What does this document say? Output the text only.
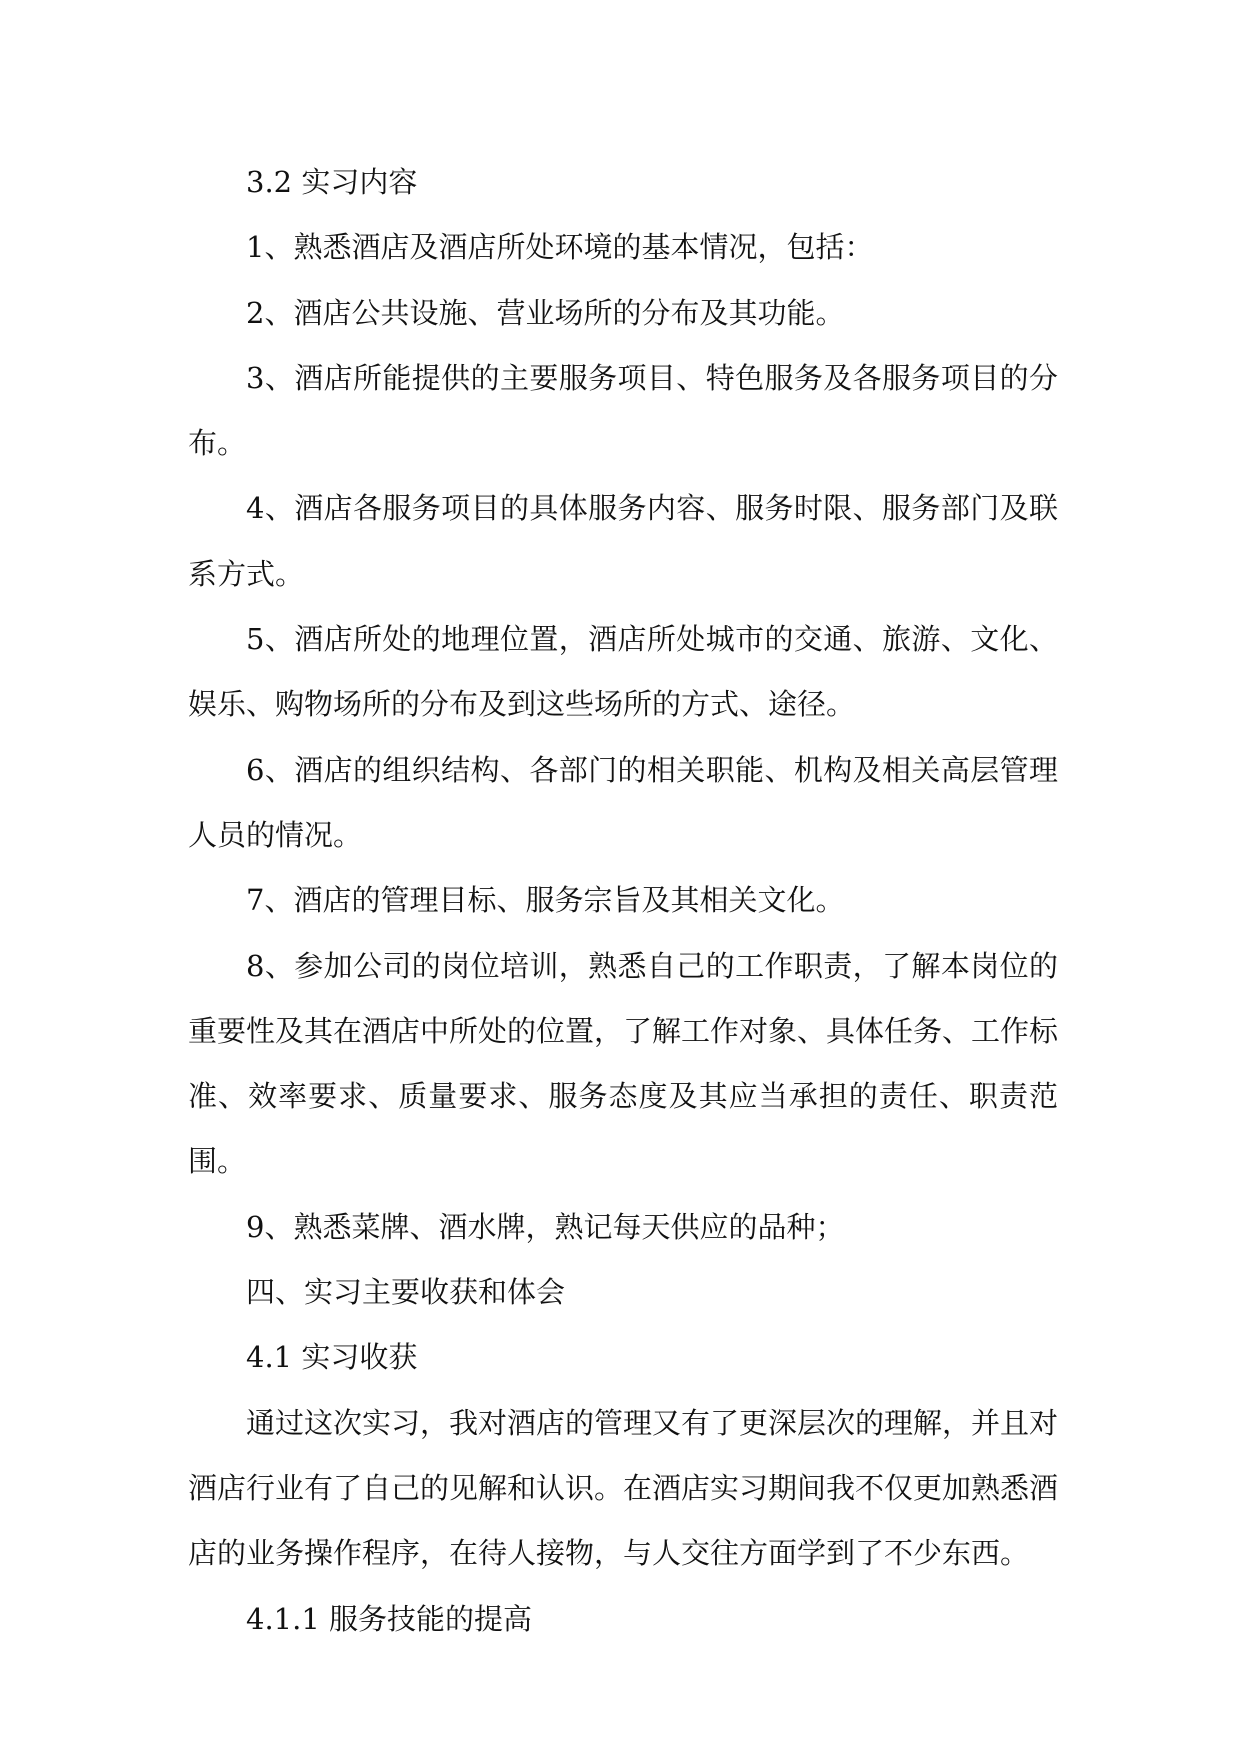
3.2 实习内容

1、熟悉酒店及酒店所处环境的基本情况，包括：

2、酒店公共设施、营业场所的分布及其功能。

3、酒店所能提供的主要服务项目、特色服务及各服务项目的分布。

4、酒店各服务项目的具体服务内容、服务时限、服务部门及联系方式。

5、酒店所处的地理位置，酒店所处城市的交通、旅游、文化、娱乐、购物场所的分布及到这些场所的方式、途径。

6、酒店的组织结构、各部门的相关职能、机构及相关高层管理人员的情况。

7、酒店的管理目标、服务宗旨及其相关文化。

8、参加公司的岗位培训，熟悉自己的工作职责，了解本岗位的重要性及其在酒店中所处的位置，了解工作对象、具体任务、工作标准、效率要求、质量要求、服务态度及其应当承担的责任、职责范围。

9、熟悉菜牌、酒水牌，熟记每天供应的品种；

四、实习主要收获和体会

4.1 实习收获

通过这次实习，我对酒店的管理又有了更深层次的理解，并且对酒店行业有了自己的见解和认识。在酒店实习期间我不仅更加熟悉酒店的业务操作程序，在待人接物，与人交往方面学到了不少东西。

4.1.1 服务技能的提高
